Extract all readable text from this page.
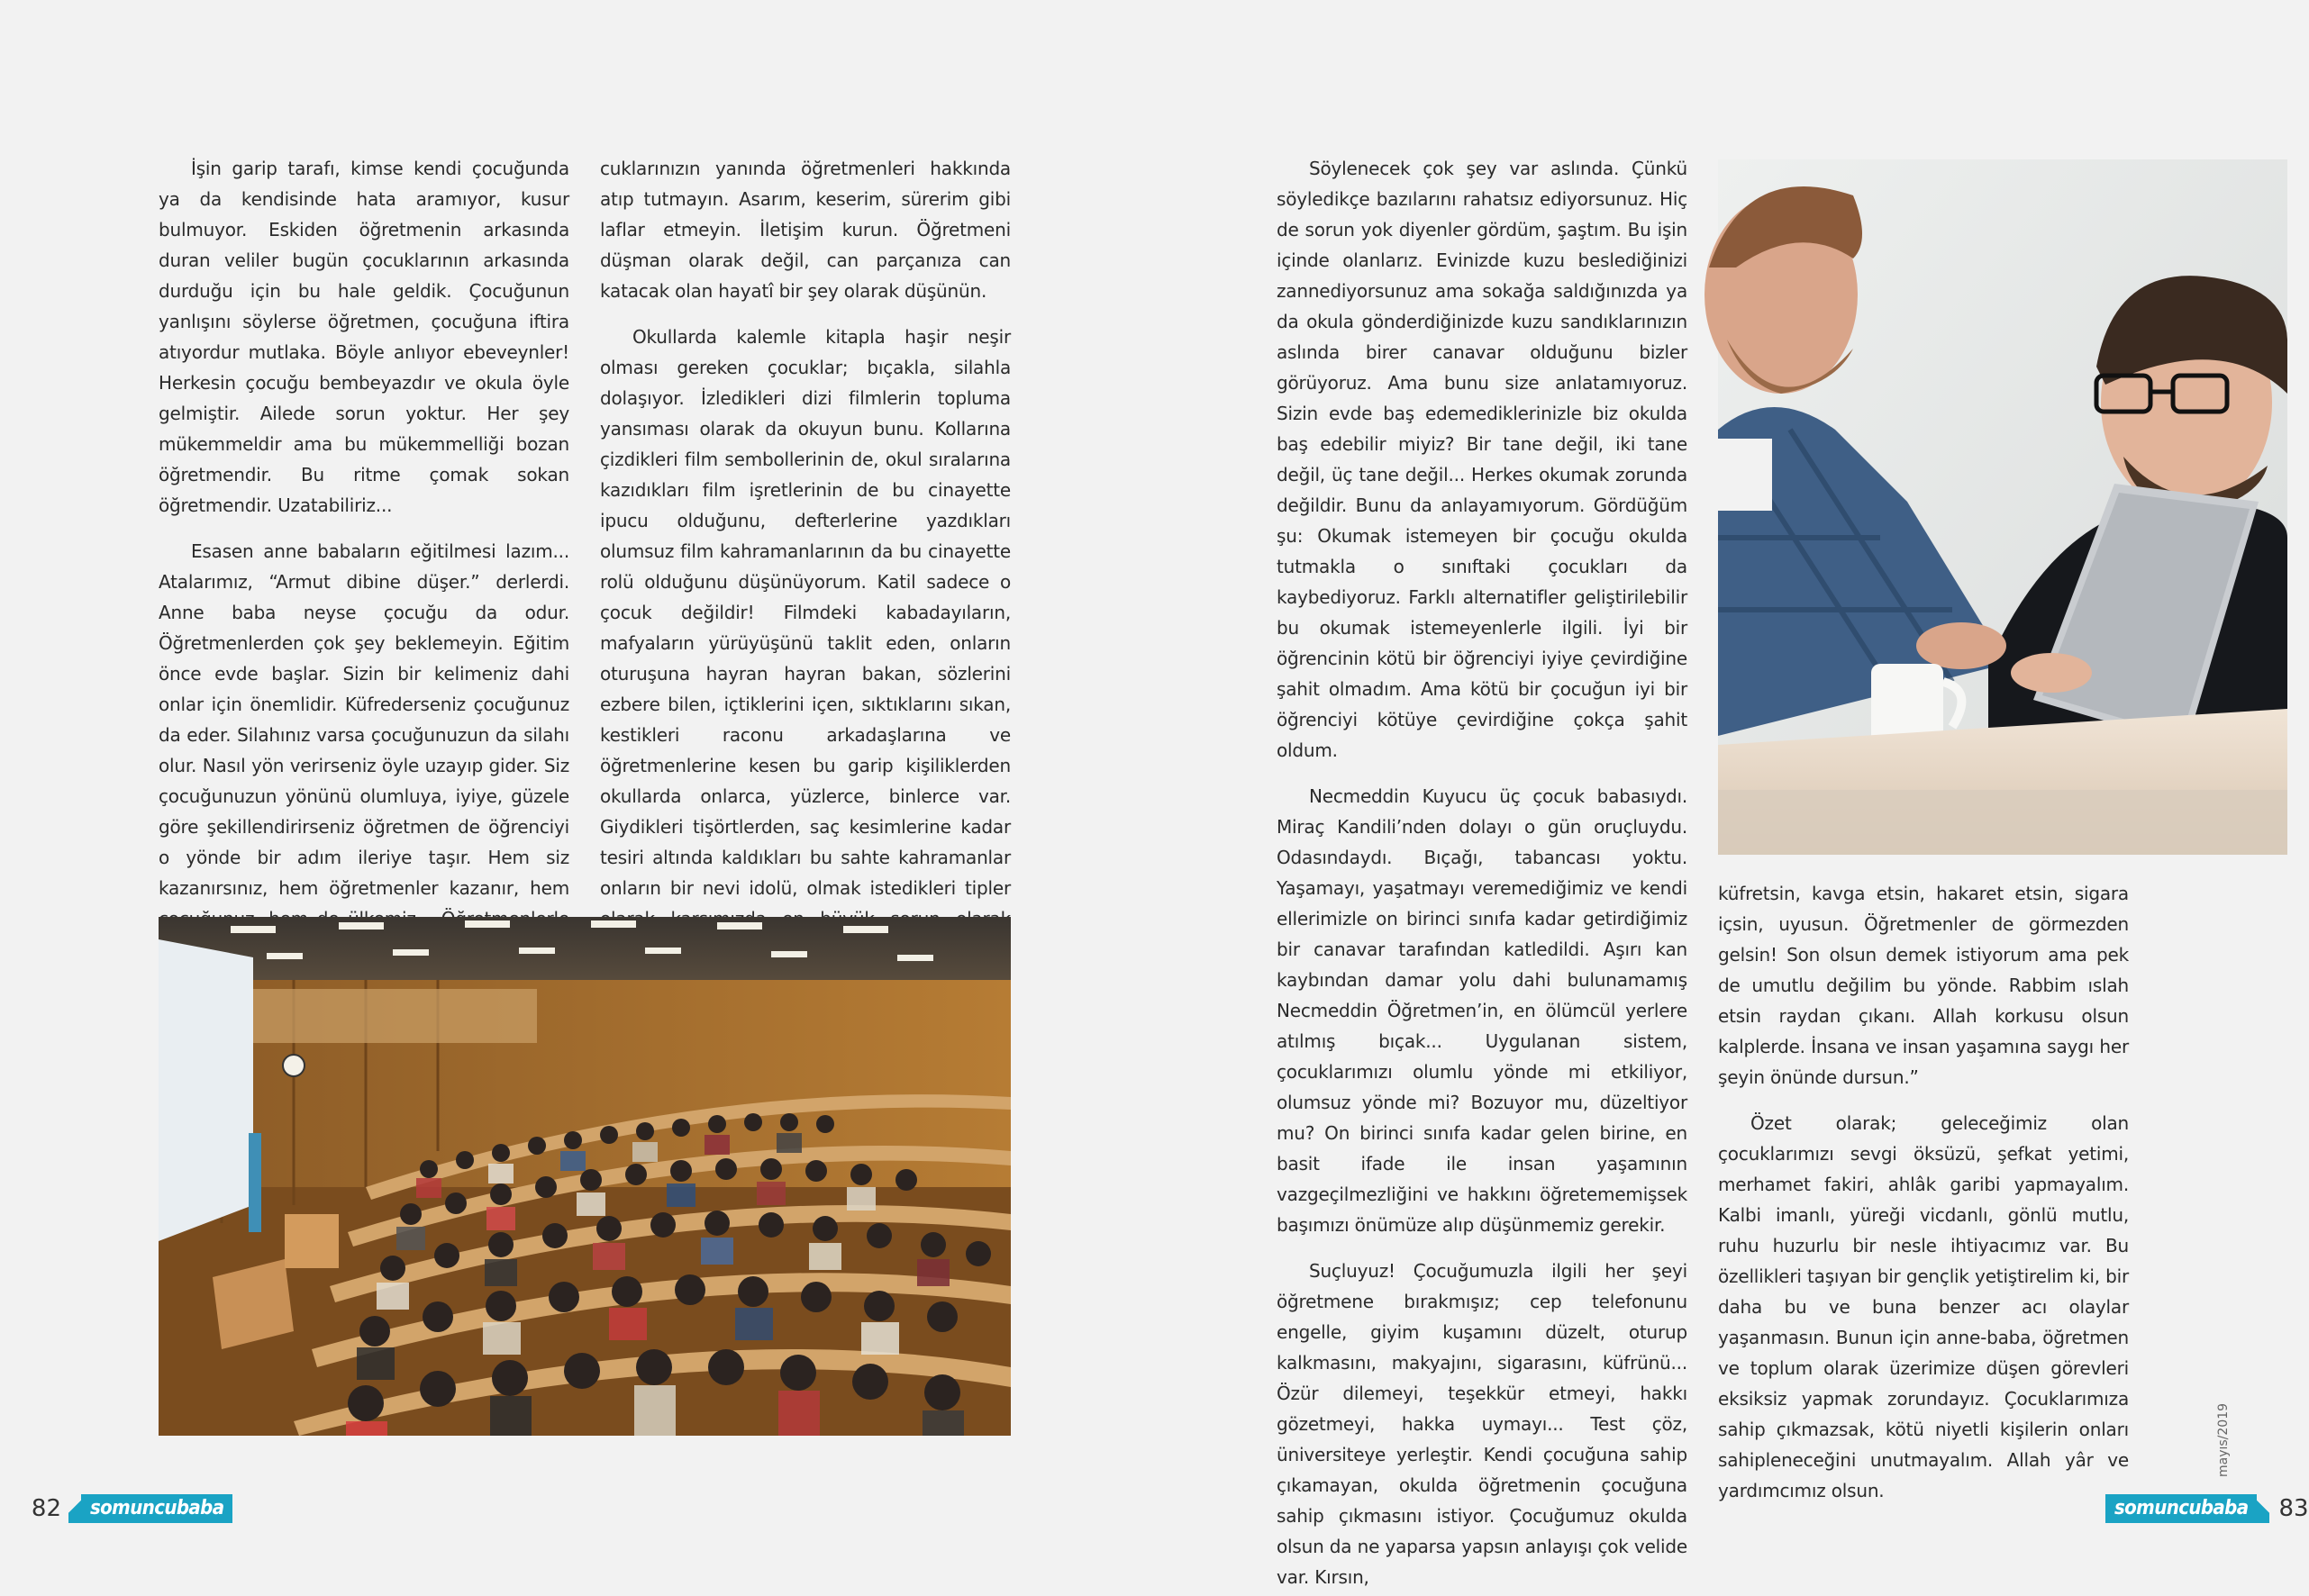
İşin garip tarafı, kimse kendi çocuğunda ya da kendisinde hata aramıyor, kusur bulmuyor. Eskiden öğretmenin arkasında duran veliler bugün çocuklarının arkasında durduğu için bu hale geldik. Çocuğunun yanlışını söylerse öğretmen, çocuğuna iftira atıyordur mutlaka. Böyle anlıyor ebeveynler! Herkesin çocuğu bembeyazdır ve okula öyle gelmiştir. Ailede sorun yoktur. Her şey mükemmeldir ama bu mükemmelliği bozan öğretmendir. Bu ritme çomak sokan öğretmendir. Uzatabiliriz...

Esasen anne babaların eğitilmesi lazım... Atalarımız, “Armut dibine düşer.” derlerdi. Anne baba neyse çocuğu da odur. Öğretmenlerden çok şey beklemeyin. Eğitim önce evde başlar. Sizin bir kelimeniz dahi onlar için önemlidir. Küfrederseniz çocuğunuz da eder. Silahınız varsa çocuğunuzun da silahı olur. Nasıl yön verirseniz öyle uzayıp gider. Siz çocuğunuzun yönünü olumluya, iyiye, güzele göre şekillendirirseniz öğretmen de öğrenciyi o yönde bir adım ileriye taşır. Hem siz kazanırsınız, hem öğretmenler kazanır, hem

cuklarınızın yanında öğretmenleri hakkında atıp tutmayın. Asarım, keserim, sürerim gibi laflar etmeyin. İletişim kurun. Öğretmeni düşman olarak değil, can parçanıza can katacak olan hayatî bir şey olarak düşünün.

Okullarda kalemle kitapla haşir neşir olması gereken çocuklar; bıçakla, silahla dolaşıyor. İzledikleri dizi filmlerin topluma yansıması olarak da okuyun bunu. Kollarına çizdikleri film sembollerinin de, okul sıralarına kazıdıkları film işretlerinin de bu cinayette ipucu olduğunu, defterlerine yazdıkları olumsuz film kahramanlarının da bu cinayette rolü olduğunu düşünüyorum. Katil sadece o çocuk değildir! Filmdeki kabadayıların, mafyaların yürüyüşünü taklit eden, onların oturuşuna hayran hayran bakan, sözlerini ezbere bilen, içtiklerini içen, sıktıklarını sıkan, kestikleri raconu arkadaşlarına ve öğretmenlerine kesen bu garip kişiliklerden okullarda onlarca, yüzlerce, binlerce var. Giydikleri tişörtlerden, saç kesimlerine kadar tesiri altında kaldıkları bu sahte kahramanlar onların bir nevi idolü, olmak istedikleri tipler

Söylenecek çok şey var aslında. Çünkü söyledikçe bazılarını rahatsız ediyorsunuz. Hiç de sorun yok diyenler gördüm, şaştım. Bu işin içinde olanlarız. Evinizde kuzu beslediğinizi zannediyorsunuz ama sokağa saldığınızda ya da okula gönderdiğinizde kuzu sandıklarınızın aslında birer canavar olduğunu bizler görüyoruz. Ama bunu size anlatamıyoruz. Sizin evde baş edemediklerinizle biz okulda baş edebilir miyiz? Bir tane değil, iki tane değil, üç tane değil... Herkes okumak zorunda değildir. Bunu da anlayamıyorum. Gördüğüm şu: Okumak istemeyen bir çocuğu okulda tutmakla o sınıftaki çocukları da kaybediyoruz. Farklı alternatifler geliştirilebilir bu okumak istemeyenlerle ilgili. İyi bir öğrencinin kötü bir öğrenciyi iyiye çevirdiğine şahit olmadım. Ama kötü bir çocuğun iyi bir öğrenciyi kötüye çevirdiğine çokça şahit oldum.

Necmeddin Kuyucu üç çocuk babasıydı. Miraç Kandili’nden dolayı o gün oruçluydu. Odasındaydı. Bıçağı, tabancası yoktu. Yaşamayı, yaşatmayı veremediğimiz ve kendi ellerimizle on birinci sınıfa kadar getirdiğimiz bir canavar tarafından katledildi. Aşırı kan kaybından damar yolu dahi bulunamamış Necmeddin Öğretmen’in, en ölümcül yerlere atılmış bıçak... Uygulanan sistem, çocuklarımızı olumlu yönde mi etkiliyor, olumsuz yönde mi? Bozuyor mu, düzeltiyor mu? On birinci sınıfa kadar gelen birine, en basit ifade ile insan yaşamının vazgeçilmezliğini ve hakkını öğretememişsek başımızı önümüze alıp düşünmemiz gerekir.

Suçluyuz! Çocuğumuzla ilgili her şeyi öğretmene bırakmışız; cep telefonunu engelle, giyim kuşamını düzelt, oturup kalkmasını, makyajını, sigarasını, küfrünü... Özür dilemeyi, teşekkür etmeyi, hakkı gözetmeyi, hakka uymayı... Test çöz, üniversiteye yerleştir. Kendi çocuğuna sahip çıkamayan, okulda öğretmenin çocuğuna sahip çıkmasını istiyor. Çocuğumuz okulda olsun da ne yaparsa yapsın anlayışı çok velide var. Kırsın,

küfretsin, kavga etsin, hakaret etsin, sigara içsin, uyusun. Öğretmenler de görmezden gelsin! Son olsun demek istiyorum ama pek de umutlu değilim bu yönde. Rabbim ıslah etsin raydan çıkanı. Allah korkusu olsun kalplerde. İnsana ve insan yaşamına saygı her şeyin önünde dursun.”

Özet olarak; geleceğimiz olan çocuklarımızı sevgi öksüzü, şefkat yetimi, merhamet fakiri, ahlâk garibi yapmayalım. Kalbi imanlı, yüreği vicdanlı, gönlü mutlu, ruhu huzurlu bir nesle ihtiyacımız var. Bu özellikleri taşıyan bir gençlik yetiştirelim ki, bir daha bu ve buna benzer acı olaylar yaşanmasın. Bunun için anne-baba, öğretmen ve toplum olarak üzerimize düşen görevleri eksiksiz yapmak zorundayız. Çocuklarımıza sahip çıkmazsak, kötü niyetli kişilerin onları sahipleneceğini unutmayalım. Allah yâr ve yardımcımız olsun.

82	somuncubaba
mayıs/2019
somuncubaba	83
